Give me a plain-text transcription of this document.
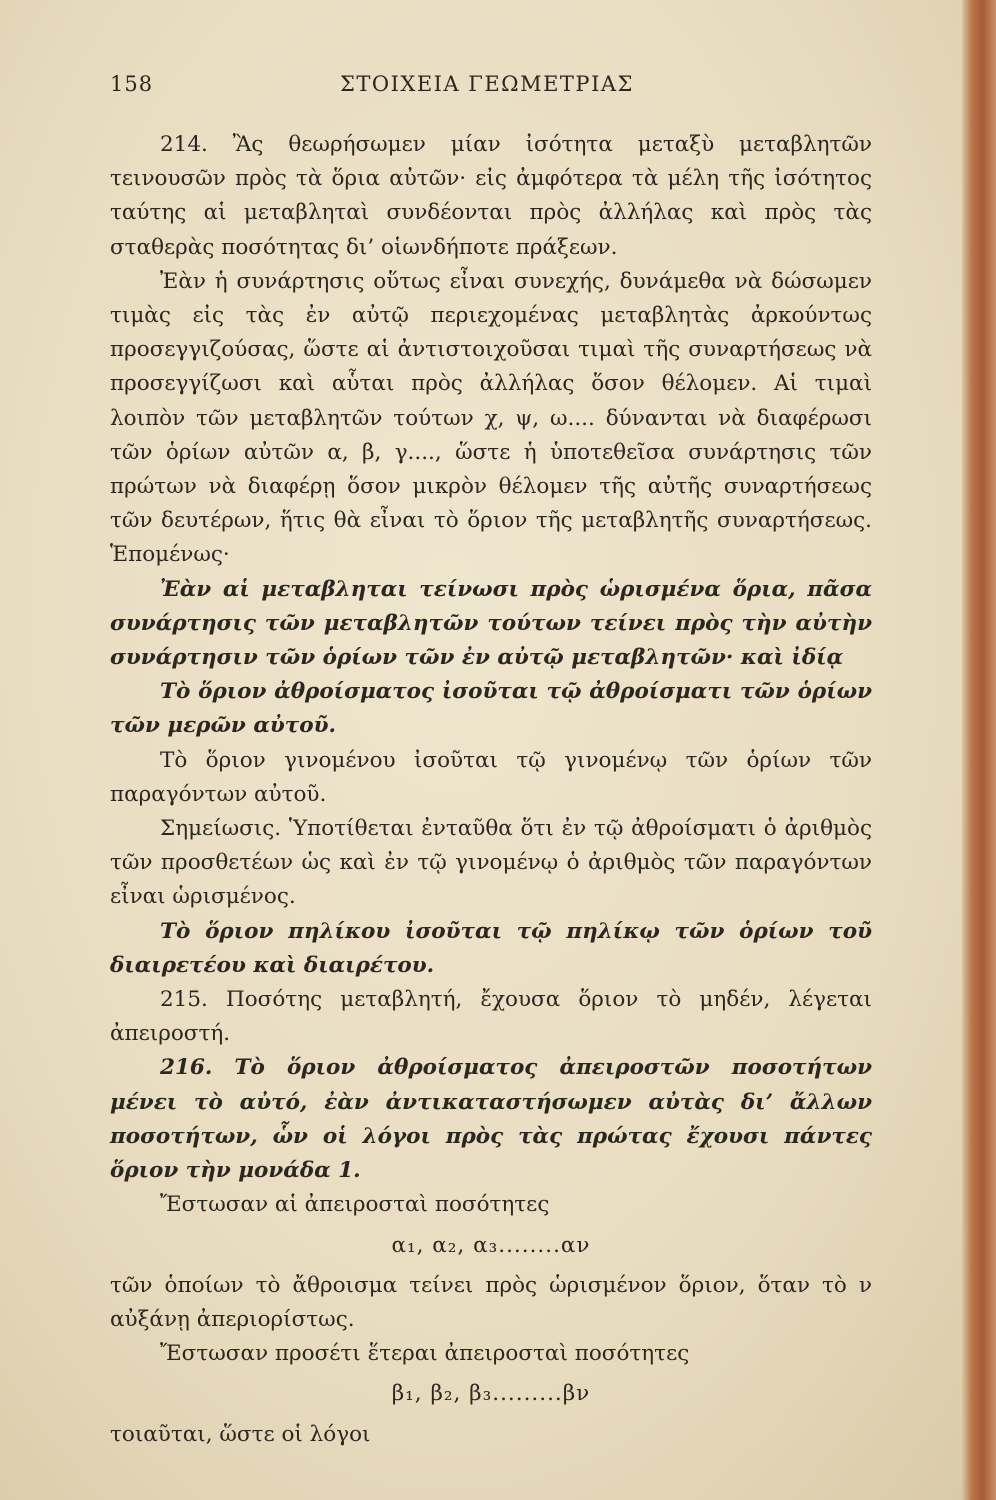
158	ΣΤΟΙΧΕΙΑ ΓΕΩΜΕΤΡΙΑΣ

214. Ἂς θεωρήσωμεν μίαν ἰσότητα μεταξὺ μεταβλητῶν τεινουσῶν πρὸς τὰ ὅρια αὐτῶν· εἰς ἀμφότερα τὰ μέλη τῆς ἰσότητος ταύτης αἱ μεταβληταὶ συνδέονται πρὸς ἀλλήλας καὶ πρὸς τὰς σταθερὰς ποσότητας δι’ οἱωνδήποτε πράξεων.

Ἐὰν ἡ συνάρτησις οὕτως εἶναι συνεχής, δυνάμεθα νὰ δώσωμεν τιμὰς εἰς τὰς ἐν αὐτῷ περιεχομένας μεταβλητὰς ἀρκούντως προσεγγιζούσας, ὥστε αἱ ἀντιστοιχοῦσαι τιμαὶ τῆς συναρτήσεως νὰ προσεγγίζωσι καὶ αὗται πρὸς ἀλλήλας ὅσον θέλομεν. Αἱ τιμαὶ λοιπὸν τῶν μεταβλητῶν τούτων χ, ψ, ω.... δύνανται νὰ διαφέρωσι τῶν ὁρίων αὐτῶν α, β, γ...., ὥστε ἡ ὑποτεθεῖσα συνάρτησις τῶν πρώτων νὰ διαφέρῃ ὅσον μικρὸν θέλομεν τῆς αὐτῆς συναρτήσεως τῶν δευτέρων, ἥτις θὰ εἶναι τὸ ὅριον τῆς μεταβλητῆς συναρτήσεως. Ἑπομένως·

Ἐὰν αἱ μεταβληται τείνωσι πρὸς ὡρισμένα ὅρια, πᾶσα συνάρτησις τῶν μεταβλητῶν τούτων τείνει πρὸς τὴν αὐτὴν συνάρτησιν τῶν ὁρίων τῶν ἐν αὐτῷ μεταβλητῶν· καὶ ἰδίᾳ

Τὸ ὅριον ἀθροίσματος ἰσοῦται τῷ ἀθροίσματι τῶν ὁρίων τῶν μερῶν αὐτοῦ.

Τὸ ὅριον γινομένου ἰσοῦται τῷ γινομένῳ τῶν ὁρίων τῶν παραγόντων αὐτοῦ.

Σημείωσις. Ὑποτίθεται ἐνταῦθα ὅτι ἐν τῷ ἀθροίσματι ὁ ἀριθμὸς τῶν προσθετέων ὡς καὶ ἐν τῷ γινομένῳ ὁ ἀριθμὸς τῶν παραγόντων εἶναι ὡρισμένος.

Τὸ ὅριον πηλίκου ἰσοῦται τῷ πηλίκῳ τῶν ὁρίων τοῦ διαιρετέου καὶ διαιρέτου.

215. Ποσότης μεταβλητή, ἔχουσα ὅριον τὸ μηδέν, λέγεται ἀπειροστή.

216. Τὸ ὅριον ἀθροίσματος ἀπειροστῶν ποσοτήτων μένει τὸ αὐτό, ἐὰν ἀντικαταστήσωμεν αὐτὰς δι’ ἄλλων ποσοτήτων, ὧν οἱ λόγοι πρὸς τὰς πρώτας ἔχουσι πάντες ὅριον τὴν μονάδα 1.

Ἔστωσαν αἱ ἀπειροσταὶ ποσότητες

α₁, α₂, α₃........αν

τῶν ὁποίων τὸ ἄθροισμα τείνει πρὸς ὡρισμένον ὅριον, ὅταν τὸ ν αὐξάνῃ ἀπεριορίστως.

Ἔστωσαν προσέτι ἕτεραι ἀπειροσταὶ ποσότητες

β₁, β₂, β₃.........βν

τοιαῦται, ὥστε οἱ λόγοι
